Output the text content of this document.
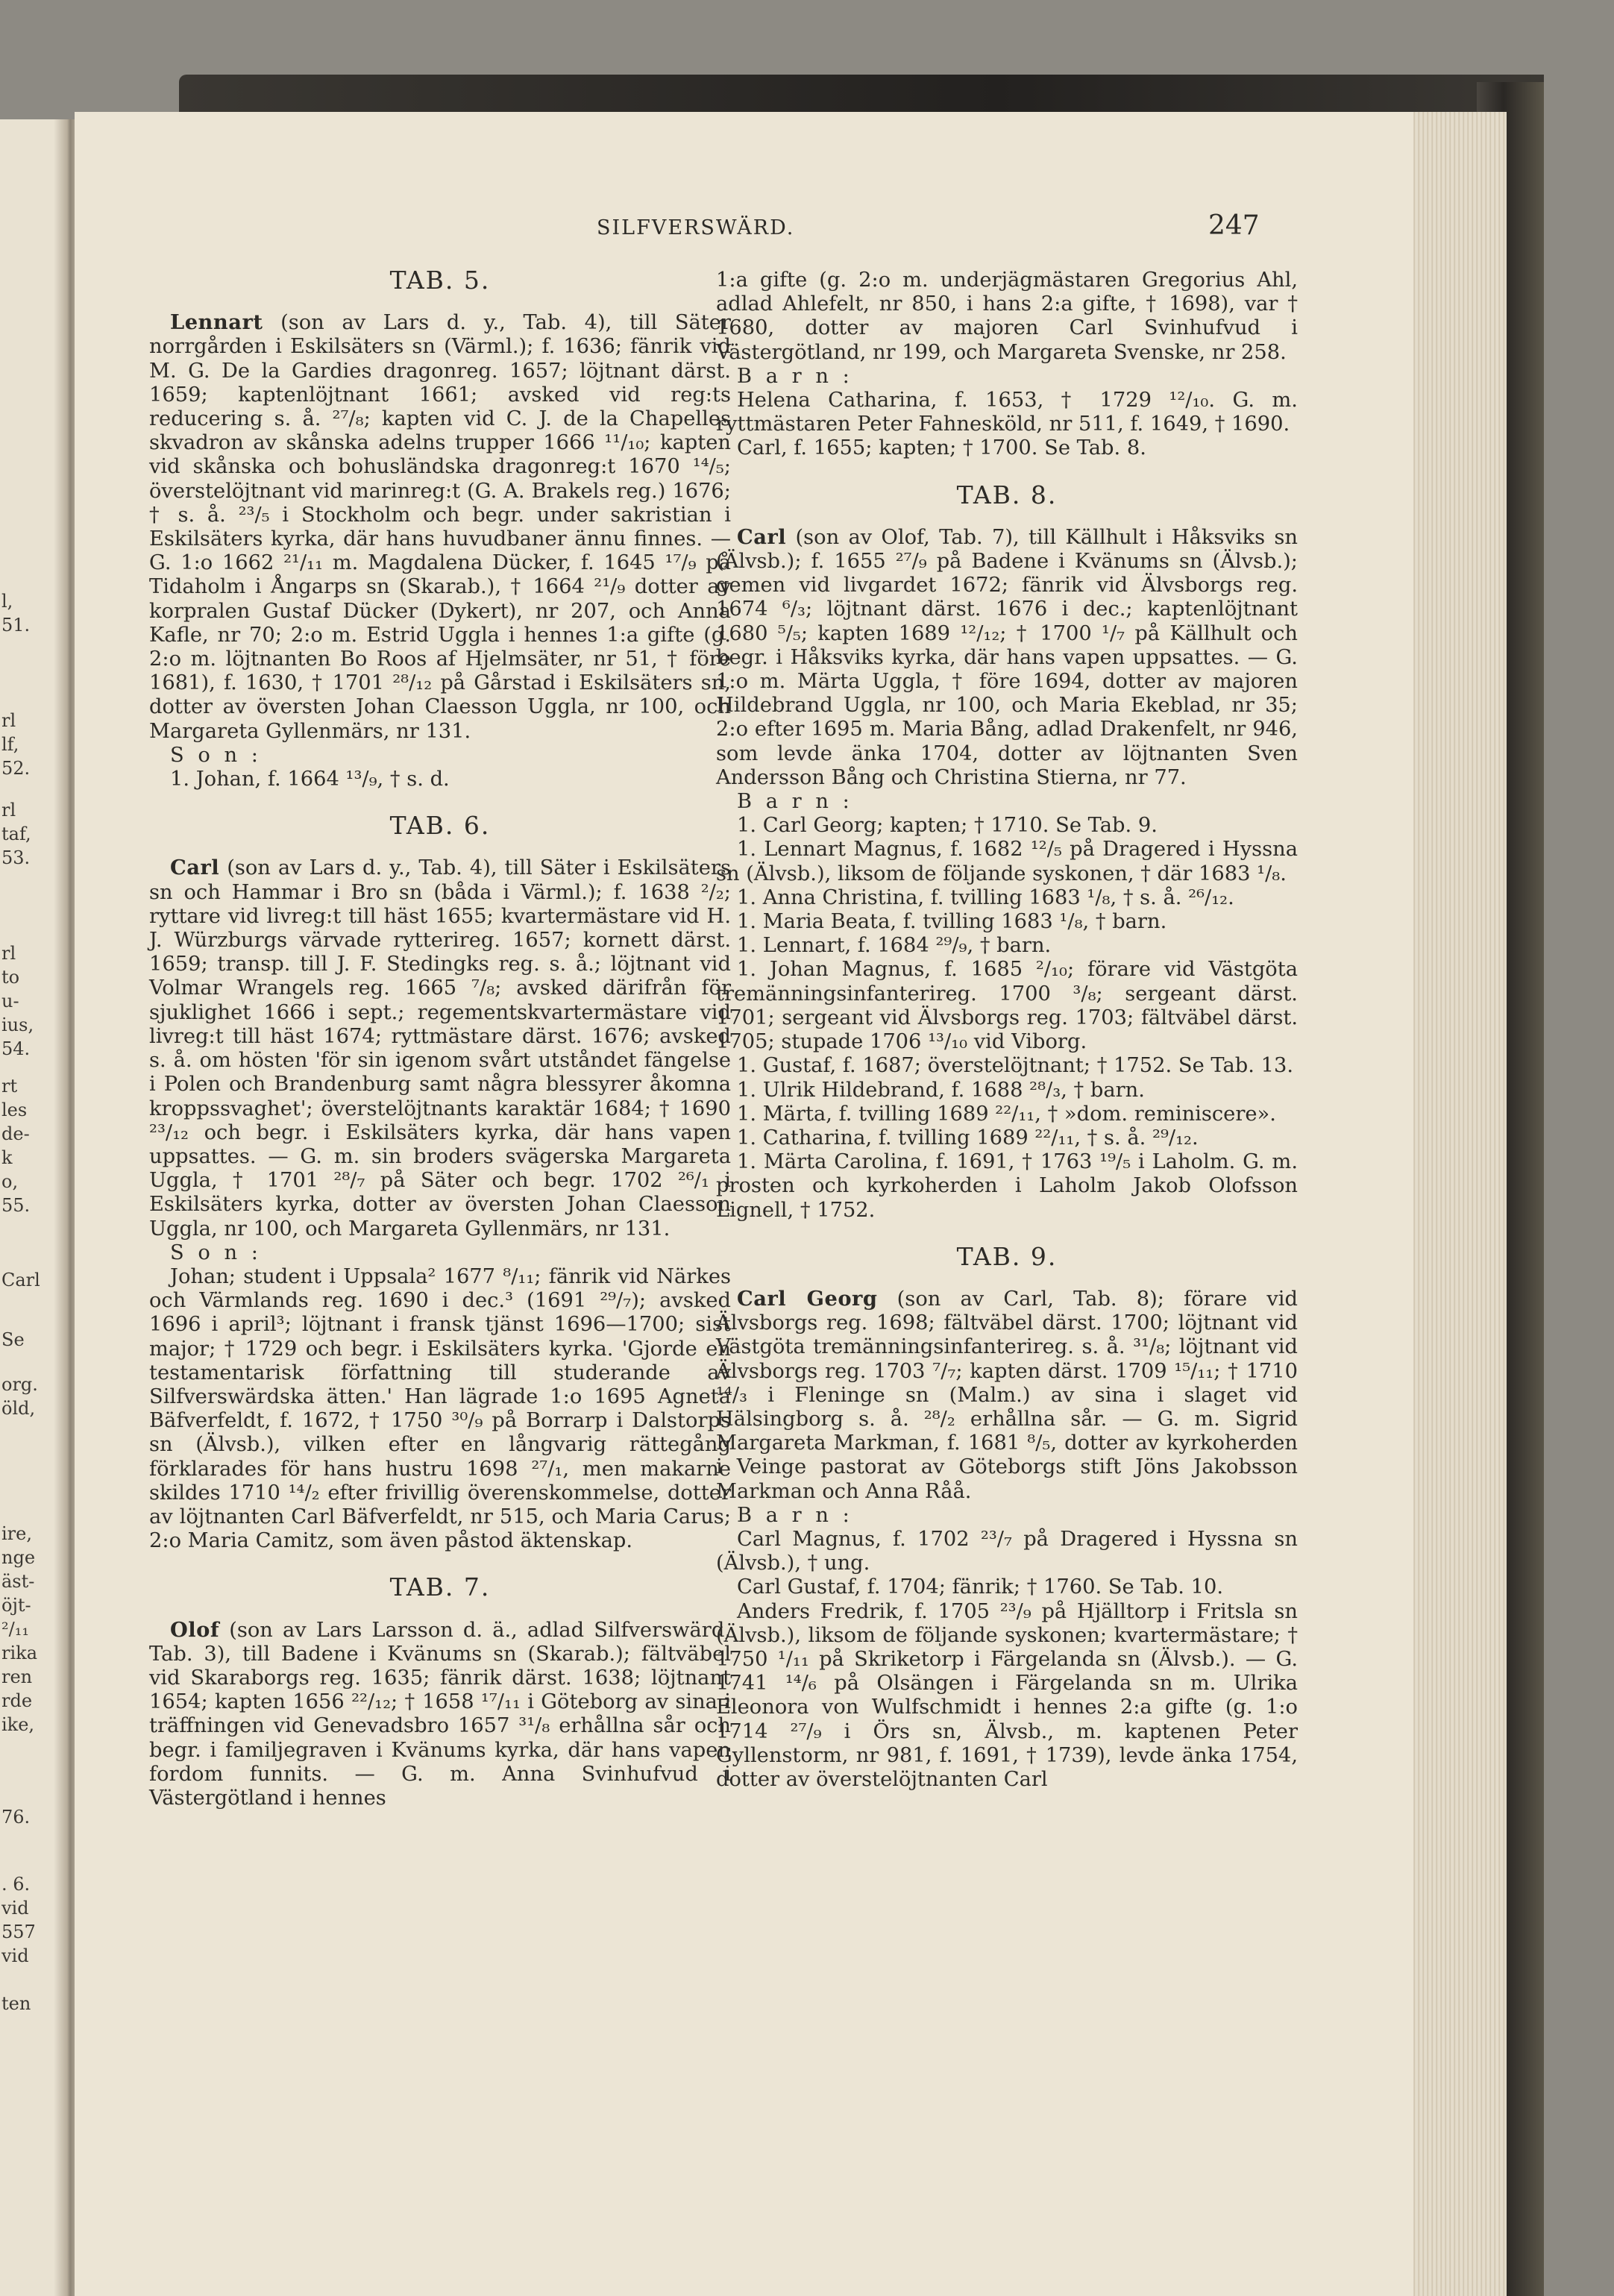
l,
51.
rl
lf,
52.
rl
taf,
53.
rl
to
u-
ius,
54.
rt
les
de-
k
o,
55.
Carl
Se
org.
öld,
ire,
nge
äst-
öjt-
²/₁₁
rika
ren
rde
ike,
76.
. 6.
vid
557
vid
ten
SILFVERSWÄRD.	247

TAB. 5.

Lennart (son av Lars d. y., Tab. 4), till Säter norrgården i Eskilsäters sn (Värml.); f. 1636; fänrik vid M. G. De la Gardies dragonreg. 1657; löjtnant därst. 1659; kaptenlöjtnant 1661; avsked vid reg:ts reducering s. å. ²⁷/₈; kapten vid C. J. de la Chapelles skvadron av skånska adelns trupper 1666 ¹¹/₁₀; kapten vid skånska och bohusländska dragonreg:t 1670 ¹⁴/₅; överstelöjtnant vid marinreg:t (G. A. Brakels reg.) 1676; † s. å. ²³/₅ i Stockholm och begr. under sakristian i Eskilsäters kyrka, där hans huvudbaner ännu finnes. — G. 1:o 1662 ²¹/₁₁ m. Magdalena Dücker, f. 1645 ¹⁷/₉ på Tidaholm i Ångarps sn (Skarab.), † 1664 ²¹/₉ dotter av korpralen Gustaf Dücker (Dykert), nr 207, och Anna Kafle, nr 70; 2:o m. Estrid Uggla i hennes 1:a gifte (g. 2:o m. löjtnanten Bo Roos af Hjelmsäter, nr 51, † före 1681), f. 1630, † 1701 ²⁸/₁₂ på Gårstad i Eskilsäters sn, dotter av översten Johan Claesson Uggla, nr 100, och Margareta Gyllenmärs, nr 131.

S o n :

1. Johan, f. 1664 ¹³/₉, † s. d.

TAB. 6.

Carl (son av Lars d. y., Tab. 4), till Säter i Eskilsäters sn och Hammar i Bro sn (båda i Värml.); f. 1638 ²/₂; ryttare vid livreg:t till häst 1655; kvartermästare vid H. J. Würzburgs värvade rytterireg. 1657; kornett därst. 1659; transp. till J. F. Stedingks reg. s. å.; löjtnant vid Volmar Wrangels reg. 1665 ⁷/₈; avsked därifrån för sjuklighet 1666 i sept.; regementskvartermästare vid livreg:t till häst 1674; ryttmästare därst. 1676; avsked s. å. om hösten 'för sin igenom svårt utståndet fängelse i Polen och Brandenburg samt några blessyrer åkomna kroppssvaghet'; överstelöjtnants karaktär 1684; † 1690 ²³/₁₂ och begr. i Eskilsäters kyrka, där hans vapen uppsattes. — G. m. sin broders svägerska Margareta Uggla, † 1701 ²⁸/₇ på Säter och begr. 1702 ²⁶/₁ i Eskilsäters kyrka, dotter av översten Johan Claesson Uggla, nr 100, och Margareta Gyllenmärs, nr 131.

S o n :

Johan; student i Uppsala² 1677 ⁸/₁₁; fänrik vid Närkes och Värmlands reg. 1690 i dec.³ (1691 ²⁹/₇); avsked 1696 i april³; löjtnant i fransk tjänst 1696—1700; sist major; † 1729 och begr. i Eskilsäters kyrka. 'Gjorde en testamentarisk författning till studerande av Silfverswärdska ätten.' Han lägrade 1:o 1695 Agneta Bäfverfeldt, f. 1672, † 1750 ³⁰/₉ på Borrarp i Dalstorps sn (Älvsb.), vilken efter en långvarig rättegång förklarades för hans hustru 1698 ²⁷/₁, men makarne skildes 1710 ¹⁴/₂ efter frivillig överenskommelse, dotter av löjtnanten Carl Bäfverfeldt, nr 515, och Maria Carus; 2:o Maria Camitz, som även påstod äktenskap.

TAB. 7.

Olof (son av Lars Larsson d. ä., adlad Silfverswärd, Tab. 3), till Badene i Kvänums sn (Skarab.); fältväbel vid Skaraborgs reg. 1635; fänrik därst. 1638; löjtnant 1654; kapten 1656 ²²/₁₂; † 1658 ¹⁷/₁₁ i Göteborg av sina i träffningen vid Genevadsbro 1657 ³¹/₈ erhållna sår och begr. i familjegraven i Kvänums kyrka, där hans vapen fordom funnits. — G. m. Anna Svinhufvud i Västergötland i hennes

1:a gifte (g. 2:o m. underjägmästaren Gregorius Ahl, adlad Ahlefelt, nr 850, i hans 2:a gifte, † 1698), var † 1680, dotter av majoren Carl Svinhufvud i Västergötland, nr 199, och Margareta Svenske, nr 258.

B a r n :

Helena Catharina, f. 1653, † 1729 ¹²/₁₀. G. m. ryttmästaren Peter Fahnesköld, nr 511, f. 1649, † 1690.

Carl, f. 1655; kapten; † 1700. Se Tab. 8.

TAB. 8.

Carl (son av Olof, Tab. 7), till Källhult i Håksviks sn (Älvsb.); f. 1655 ²⁷/₉ på Badene i Kvänums sn (Älvsb.); gemen vid livgardet 1672; fänrik vid Älvsborgs reg. 1674 ⁶/₃; löjtnant därst. 1676 i dec.; kaptenlöjtnant 1680 ⁵/₅; kapten 1689 ¹²/₁₂; † 1700 ¹/₇ på Källhult och begr. i Håksviks kyrka, där hans vapen uppsattes. — G. 1:o m. Märta Uggla, † före 1694, dotter av majoren Hildebrand Uggla, nr 100, och Maria Ekeblad, nr 35; 2:o efter 1695 m. Maria Bång, adlad Drakenfelt, nr 946, som levde änka 1704, dotter av löjtnanten Sven Andersson Bång och Christina Stierna, nr 77.

B a r n :

1. Carl Georg; kapten; † 1710. Se Tab. 9.

1. Lennart Magnus, f. 1682 ¹²/₅ på Dragered i Hyssna sn (Älvsb.), liksom de följande syskonen, † där 1683 ¹/₈.

1. Anna Christina, f. tvilling 1683 ¹/₈, † s. å. ²⁶/₁₂.

1. Maria Beata, f. tvilling 1683 ¹/₈, † barn.

1. Lennart, f. 1684 ²⁹/₉, † barn.

1. Johan Magnus, f. 1685 ²/₁₀; förare vid Västgöta tremänningsinfanterireg. 1700 ³/₈; sergeant därst. 1701; sergeant vid Älvsborgs reg. 1703; fältväbel därst. 1705; stupade 1706 ¹³/₁₀ vid Viborg.

1. Gustaf, f. 1687; överstelöjtnant; † 1752. Se Tab. 13.

1. Ulrik Hildebrand, f. 1688 ²⁸/₃, † barn.

1. Märta, f. tvilling 1689 ²²/₁₁, † »dom. reminiscere».

1. Catharina, f. tvilling 1689 ²²/₁₁, † s. å. ²⁹/₁₂.

1. Märta Carolina, f. 1691, † 1763 ¹⁹/₅ i Laholm. G. m. prosten och kyrkoherden i Laholm Jakob Olofsson Lignell, † 1752.

TAB. 9.

Carl Georg (son av Carl, Tab. 8); förare vid Älvsborgs reg. 1698; fältväbel därst. 1700; löjtnant vid Västgöta tremänningsinfanterireg. s. å. ³¹/₈; löjtnant vid Älvsborgs reg. 1703 ⁷/₇; kapten därst. 1709 ¹⁵/₁₁; † 1710 ¹⁴/₃ i Fleninge sn (Malm.) av sina i slaget vid Hälsingborg s. å. ²⁸/₂ erhållna sår. — G. m. Sigrid Margareta Markman, f. 1681 ⁸/₅, dotter av kyrkoherden i Veinge pastorat av Göteborgs stift Jöns Jakobsson Markman och Anna Råå.

B a r n :

Carl Magnus, f. 1702 ²³/₇ på Dragered i Hyssna sn (Älvsb.), † ung.

Carl Gustaf, f. 1704; fänrik; † 1760. Se Tab. 10.

Anders Fredrik, f. 1705 ²³/₉ på Hjälltorp i Fritsla sn (Älvsb.), liksom de följande syskonen; kvartermästare; † 1750 ¹/₁₁ på Skriketorp i Färgelanda sn (Älvsb.). — G. 1741 ¹⁴/₆ på Olsängen i Färgelanda sn m. Ulrika Eleonora von Wulfschmidt i hennes 2:a gifte (g. 1:o 1714 ²⁷/₉ i Örs sn, Älvsb., m. kaptenen Peter Gyllenstorm, nr 981, f. 1691, † 1739), levde änka 1754, dotter av överstelöjtnanten Carl
